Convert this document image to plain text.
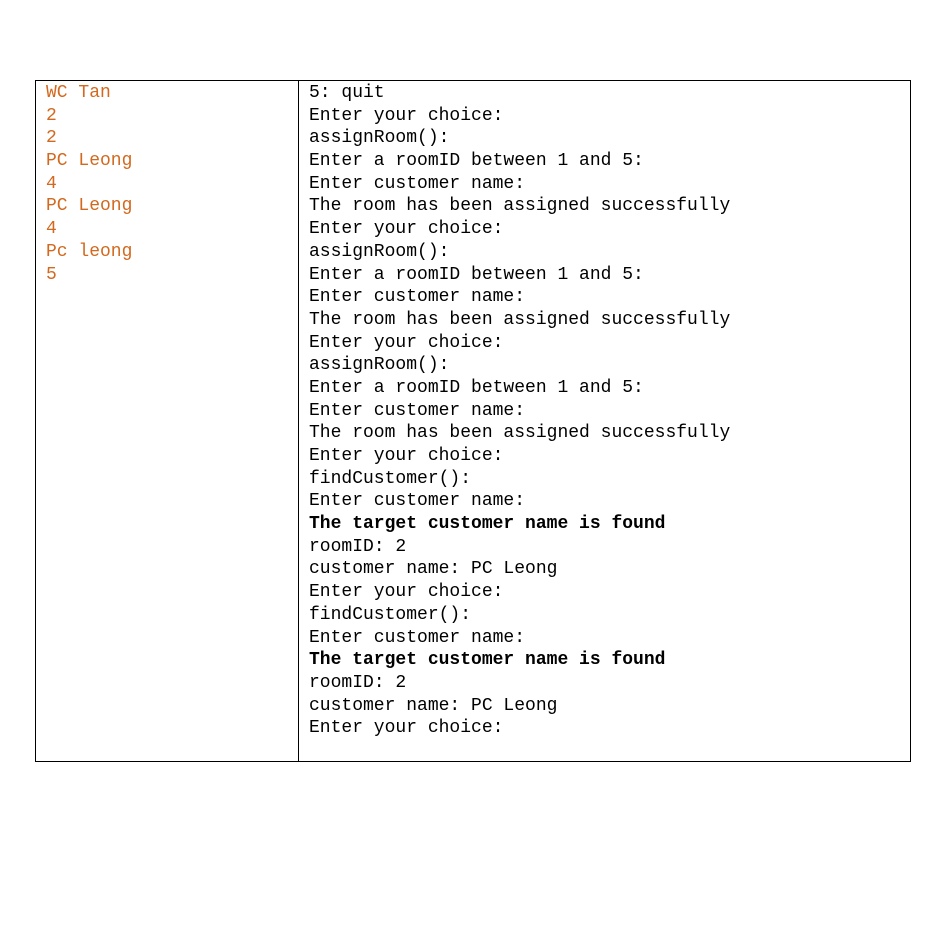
WC Tan
2
2
PC Leong
4
PC Leong
4
Pc leong
5
5: quit
Enter your choice:
assignRoom():
Enter a roomID between 1 and 5:
Enter customer name:
The room has been assigned successfully
Enter your choice:
assignRoom():
Enter a roomID between 1 and 5:
Enter customer name:
The room has been assigned successfully
Enter your choice:
assignRoom():
Enter a roomID between 1 and 5:
Enter customer name:
The room has been assigned successfully
Enter your choice:
findCustomer():
Enter customer name:
The target customer name is found
roomID: 2
customer name: PC Leong
Enter your choice:
findCustomer():
Enter customer name:
The target customer name is found
roomID: 2
customer name: PC Leong
Enter your choice:
